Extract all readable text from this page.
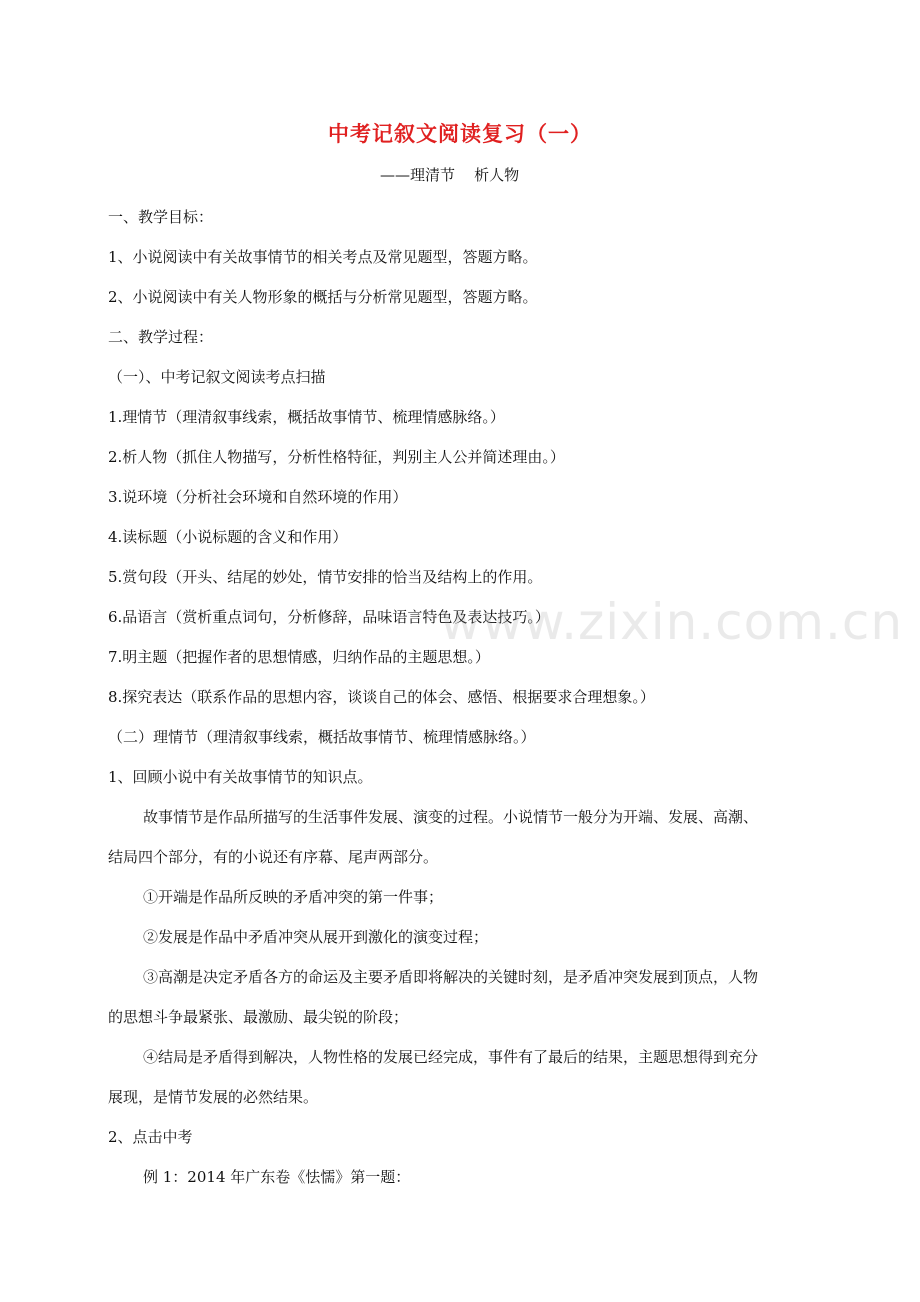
中考记叙文阅读复习（一）
——理清节    析人物
一、教学目标：
1、小说阅读中有关故事情节的相关考点及常见题型，答题方略。
2、小说阅读中有关人物形象的概括与分析常见题型，答题方略。
二、教学过程：
（一）、中考记叙文阅读考点扫描
1.理情节（理清叙事线索，概括故事情节、梳理情感脉络。）
2.析人物（抓住人物描写，分析性格特征，判别主人公并简述理由。）
3.说环境（分析社会环境和自然环境的作用）
4.读标题（小说标题的含义和作用）
5.赏句段（开头、结尾的妙处，情节安排的恰当及结构上的作用。
6.品语言（赏析重点词句，分析修辞，品味语言特色及表达技巧。）
7.明主题（把握作者的思想情感，归纳作品的主题思想。）
8.探究表达（联系作品的思想内容，谈谈自己的体会、感悟、根据要求合理想象。）
（二）理情节（理清叙事线索，概括故事情节、梳理情感脉络。）
1、回顾小说中有关故事情节的知识点。
故事情节是作品所描写的生活事件发展、演变的过程。小说情节一般分为开端、发展、高潮、
结局四个部分，有的小说还有序幕、尾声两部分。
①开端是作品所反映的矛盾冲突的第一件事；
②发展是作品中矛盾冲突从展开到激化的演变过程；
③高潮是决定矛盾各方的命运及主要矛盾即将解决的关键时刻，是矛盾冲突发展到顶点，人物
的思想斗争最紧张、最激励、最尖锐的阶段；
④结局是矛盾得到解决，人物性格的发展已经完成，事件有了最后的结果，主题思想得到充分
展现，是情节发展的必然结果。
2、点击中考
例 1：2014 年广东卷《怯懦》第一题：
www.zixin.com.cn
